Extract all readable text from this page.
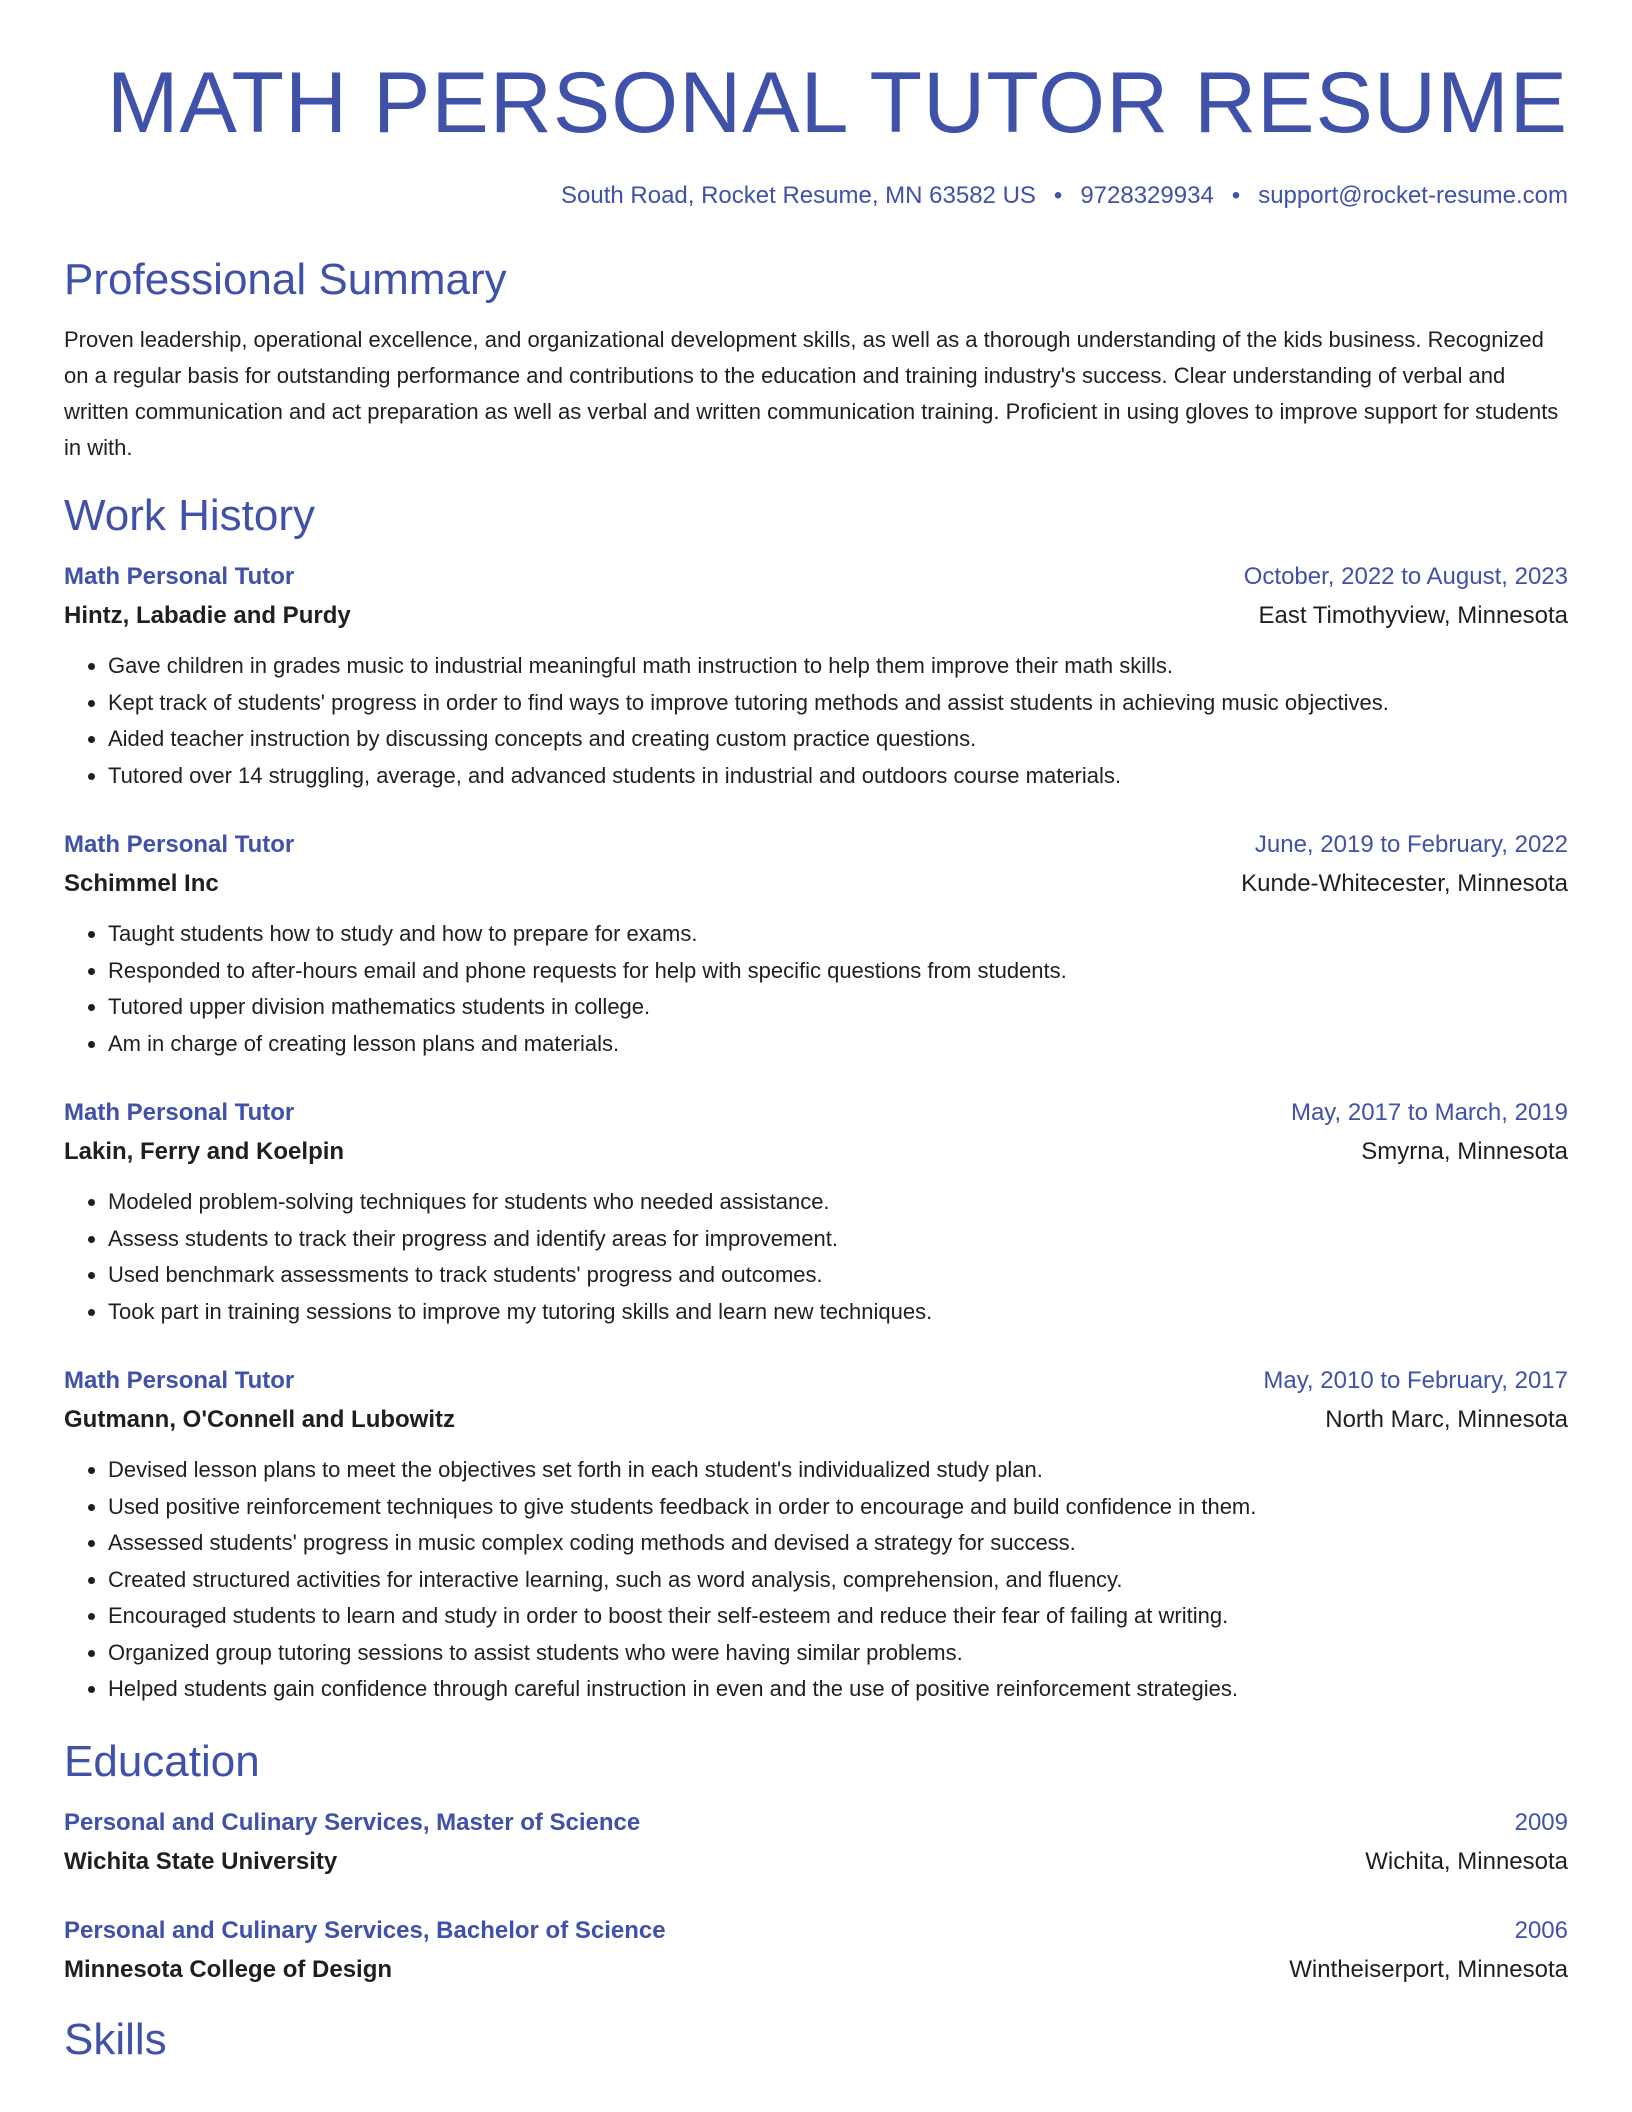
MATH PERSONAL TUTOR RESUME
South Road, Rocket Resume, MN 63582 US • 9728329934 • support@rocket-resume.com
Professional Summary

Proven leadership, operational excellence, and organizational development skills, as well as a thorough understanding of the kids business. Recognized on a regular basis for outstanding performance and contributions to the education and training industry's success. Clear understanding of verbal and written communication and act preparation as well as verbal and written communication training. Proficient in using gloves to improve support for students in with.

Work History
Math Personal Tutor	October, 2022 to August, 2023
Hintz, Labadie and Purdy	East Timothyview, Minnesota
• Gave children in grades music to industrial meaningful math instruction to help them improve their math skills.
• Kept track of students' progress in order to find ways to improve tutoring methods and assist students in achieving music objectives.
• Aided teacher instruction by discussing concepts and creating custom practice questions.
• Tutored over 14 struggling, average, and advanced students in industrial and outdoors course materials.
Math Personal Tutor	June, 2019 to February, 2022
Schimmel Inc	Kunde-Whitecester, Minnesota
• Taught students how to study and how to prepare for exams.
• Responded to after-hours email and phone requests for help with specific questions from students.
• Tutored upper division mathematics students in college.
• Am in charge of creating lesson plans and materials.
Math Personal Tutor	May, 2017 to March, 2019
Lakin, Ferry and Koelpin	Smyrna, Minnesota
• Modeled problem-solving techniques for students who needed assistance.
• Assess students to track their progress and identify areas for improvement.
• Used benchmark assessments to track students' progress and outcomes.
• Took part in training sessions to improve my tutoring skills and learn new techniques.
Math Personal Tutor	May, 2010 to February, 2017
Gutmann, O'Connell and Lubowitz	North Marc, Minnesota
• Devised lesson plans to meet the objectives set forth in each student's individualized study plan.
• Used positive reinforcement techniques to give students feedback in order to encourage and build confidence in them.
• Assessed students' progress in music complex coding methods and devised a strategy for success.
• Created structured activities for interactive learning, such as word analysis, comprehension, and fluency.
• Encouraged students to learn and study in order to boost their self-esteem and reduce their fear of failing at writing.
• Organized group tutoring sessions to assist students who were having similar problems.
• Helped students gain confidence through careful instruction in even and the use of positive reinforcement strategies.
Education
Personal and Culinary Services, Master of Science	2009
Wichita State University	Wichita, Minnesota
Personal and Culinary Services, Bachelor of Science	2006
Minnesota College of Design	Wintheiserport, Minnesota
Skills
